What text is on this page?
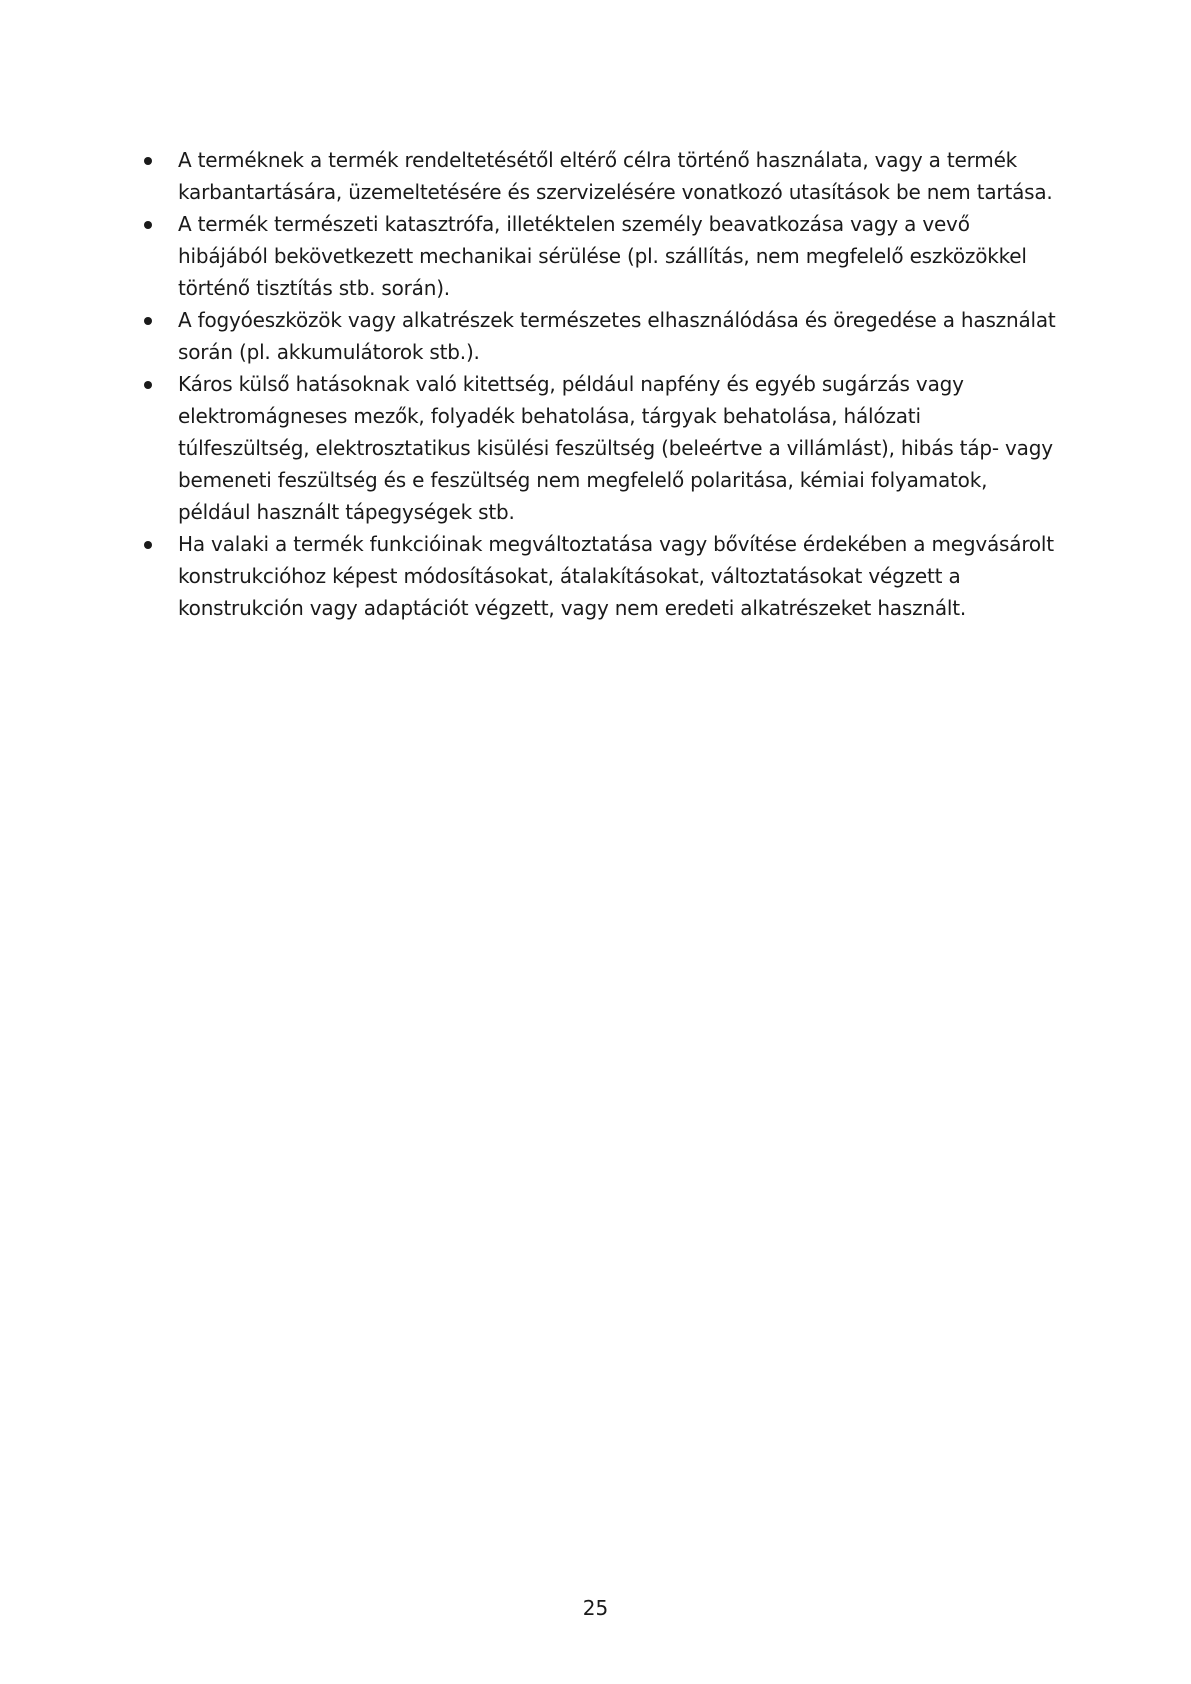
A terméknek a termék rendeltetésétől eltérő célra történő használata, vagy a termék karbantartására, üzemeltetésére és szervizelésére vonatkozó utasítások be nem tartása.
A termék természeti katasztrófa, illetéktelen személy beavatkozása vagy a vevő hibájából bekövetkezett mechanikai sérülése (pl. szállítás, nem megfelelő eszközökkel történő tisztítás stb. során).
A fogyóeszközök vagy alkatrészek természetes elhasználódása és öregedése a használat során (pl. akkumulátorok stb.).
Káros külső hatásoknak való kitettség, például napfény és egyéb sugárzás vagy elektromágneses mezők, folyadék behatolása, tárgyak behatolása, hálózati túlfeszültség, elektrosztatikus kisülési feszültség (beleértve a villámlást), hibás táp- vagy bemeneti feszültség és e feszültség nem megfelelő polaritása, kémiai folyamatok, például használt tápegységek stb.
Ha valaki a termék funkcióinak megváltoztatása vagy bővítése érdekében a megvásárolt konstrukcióhoz képest módosításokat, átalakításokat, változtatásokat végzett a konstrukción vagy adaptációt végzett, vagy nem eredeti alkatrészeket használt.
25
